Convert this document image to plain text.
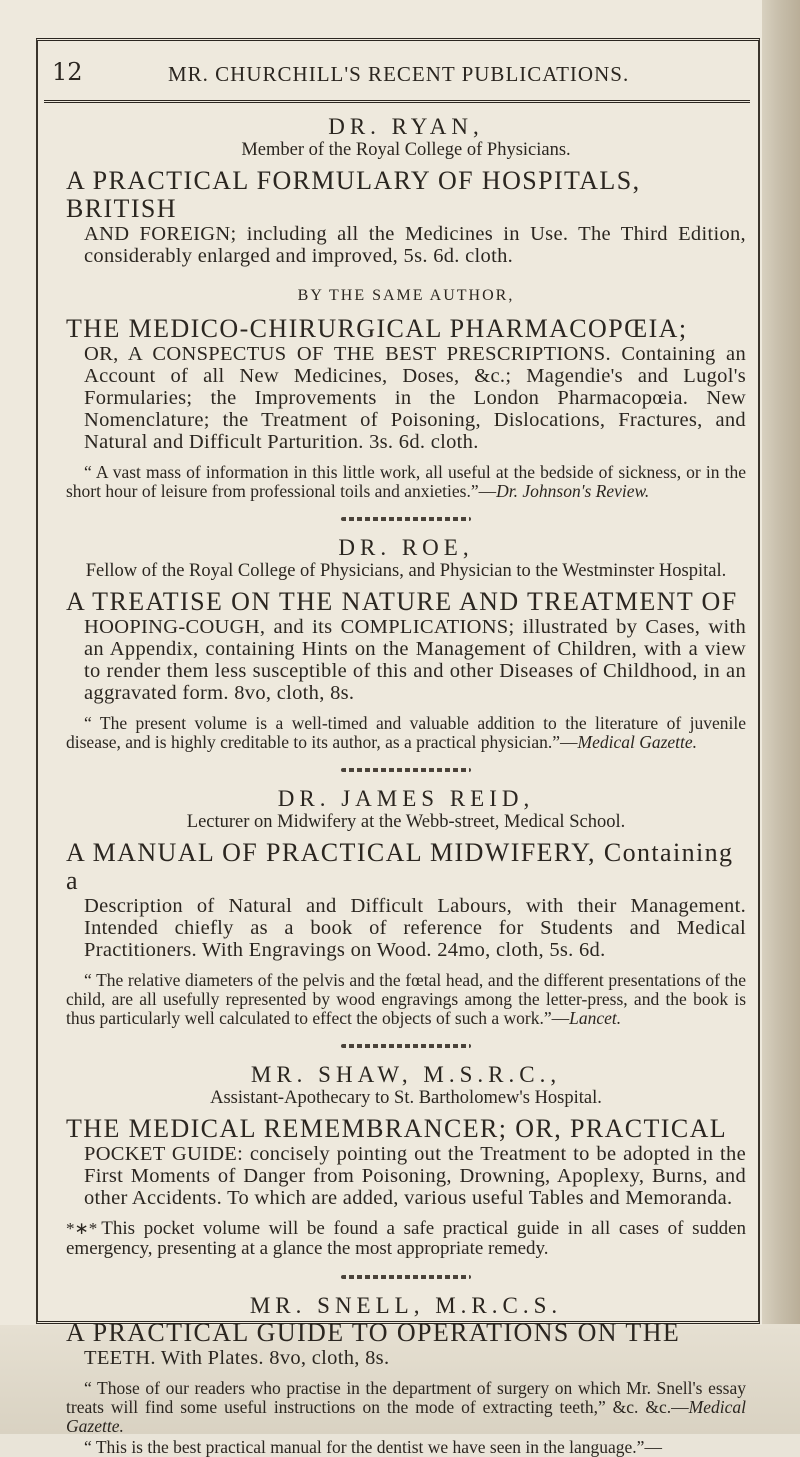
12	MR. CHURCHILL'S RECENT PUBLICATIONS.

DR. RYAN,

Member of the Royal College of Physicians.

A PRACTICAL FORMULARY OF HOSPITALS, BRITISH

AND FOREIGN; including all the Medicines in Use. The Third Edition, considerably enlarged and improved, 5s. 6d. cloth.

BY THE SAME AUTHOR,

THE MEDICO-CHIRURGICAL PHARMACOPŒIA;

OR, A CONSPECTUS OF THE BEST PRESCRIPTIONS. Containing an Account of all New Medicines, Doses, &c.; Magendie's and Lugol's Formularies; the Improvements in the London Pharmacopœia. New Nomenclature; the Treatment of Poisoning, Dislocations, Fractures, and Natural and Difficult Parturition. 3s. 6d. cloth.

“ A vast mass of information in this little work, all useful at the bedside of sickness, or in the short hour of leisure from professional toils and anxieties.”—Dr. Johnson's Review.

DR. ROE,

Fellow of the Royal College of Physicians, and Physician to the Westminster Hospital.

A TREATISE ON THE NATURE AND TREATMENT OF

HOOPING-COUGH, and its COMPLICATIONS; illustrated by Cases, with an Appendix, containing Hints on the Management of Children, with a view to render them less susceptible of this and other Diseases of Childhood, in an aggravated form. 8vo, cloth, 8s.

“ The present volume is a well-timed and valuable addition to the literature of juvenile disease, and is highly creditable to its author, as a practical physician.”—Medical Gazette.

DR. JAMES REID,

Lecturer on Midwifery at the Webb-street, Medical School.

A MANUAL OF PRACTICAL MIDWIFERY, Containing a

Description of Natural and Difficult Labours, with their Management. Intended chiefly as a book of reference for Students and Medical Practitioners. With Engravings on Wood. 24mo, cloth, 5s. 6d.

“ The relative diameters of the pelvis and the fœtal head, and the different presentations of the child, are all usefully represented by wood engravings among the letter-press, and the book is thus particularly well calculated to effect the objects of such a work.”—Lancet.

MR. SHAW, M.S.R.C.,

Assistant-Apothecary to St. Bartholomew's Hospital.

THE MEDICAL REMEMBRANCER; OR, PRACTICAL

POCKET GUIDE: concisely pointing out the Treatment to be adopted in the First Moments of Danger from Poisoning, Drowning, Apoplexy, Burns, and other Accidents. To which are added, various useful Tables and Memoranda.

*∗* This pocket volume will be found a safe practical guide in all cases of sudden emergency, presenting at a glance the most appropriate remedy.

MR. SNELL, M.R.C.S.

A PRACTICAL GUIDE TO OPERATIONS ON THE

TEETH. With Plates. 8vo, cloth, 8s.

“ Those of our readers who practise in the department of surgery on which Mr. Snell's essay treats will find some useful instructions on the mode of extracting teeth,” &c. &c.—Medical Gazette.

“ This is the best practical manual for the dentist we have seen in the language.”—
